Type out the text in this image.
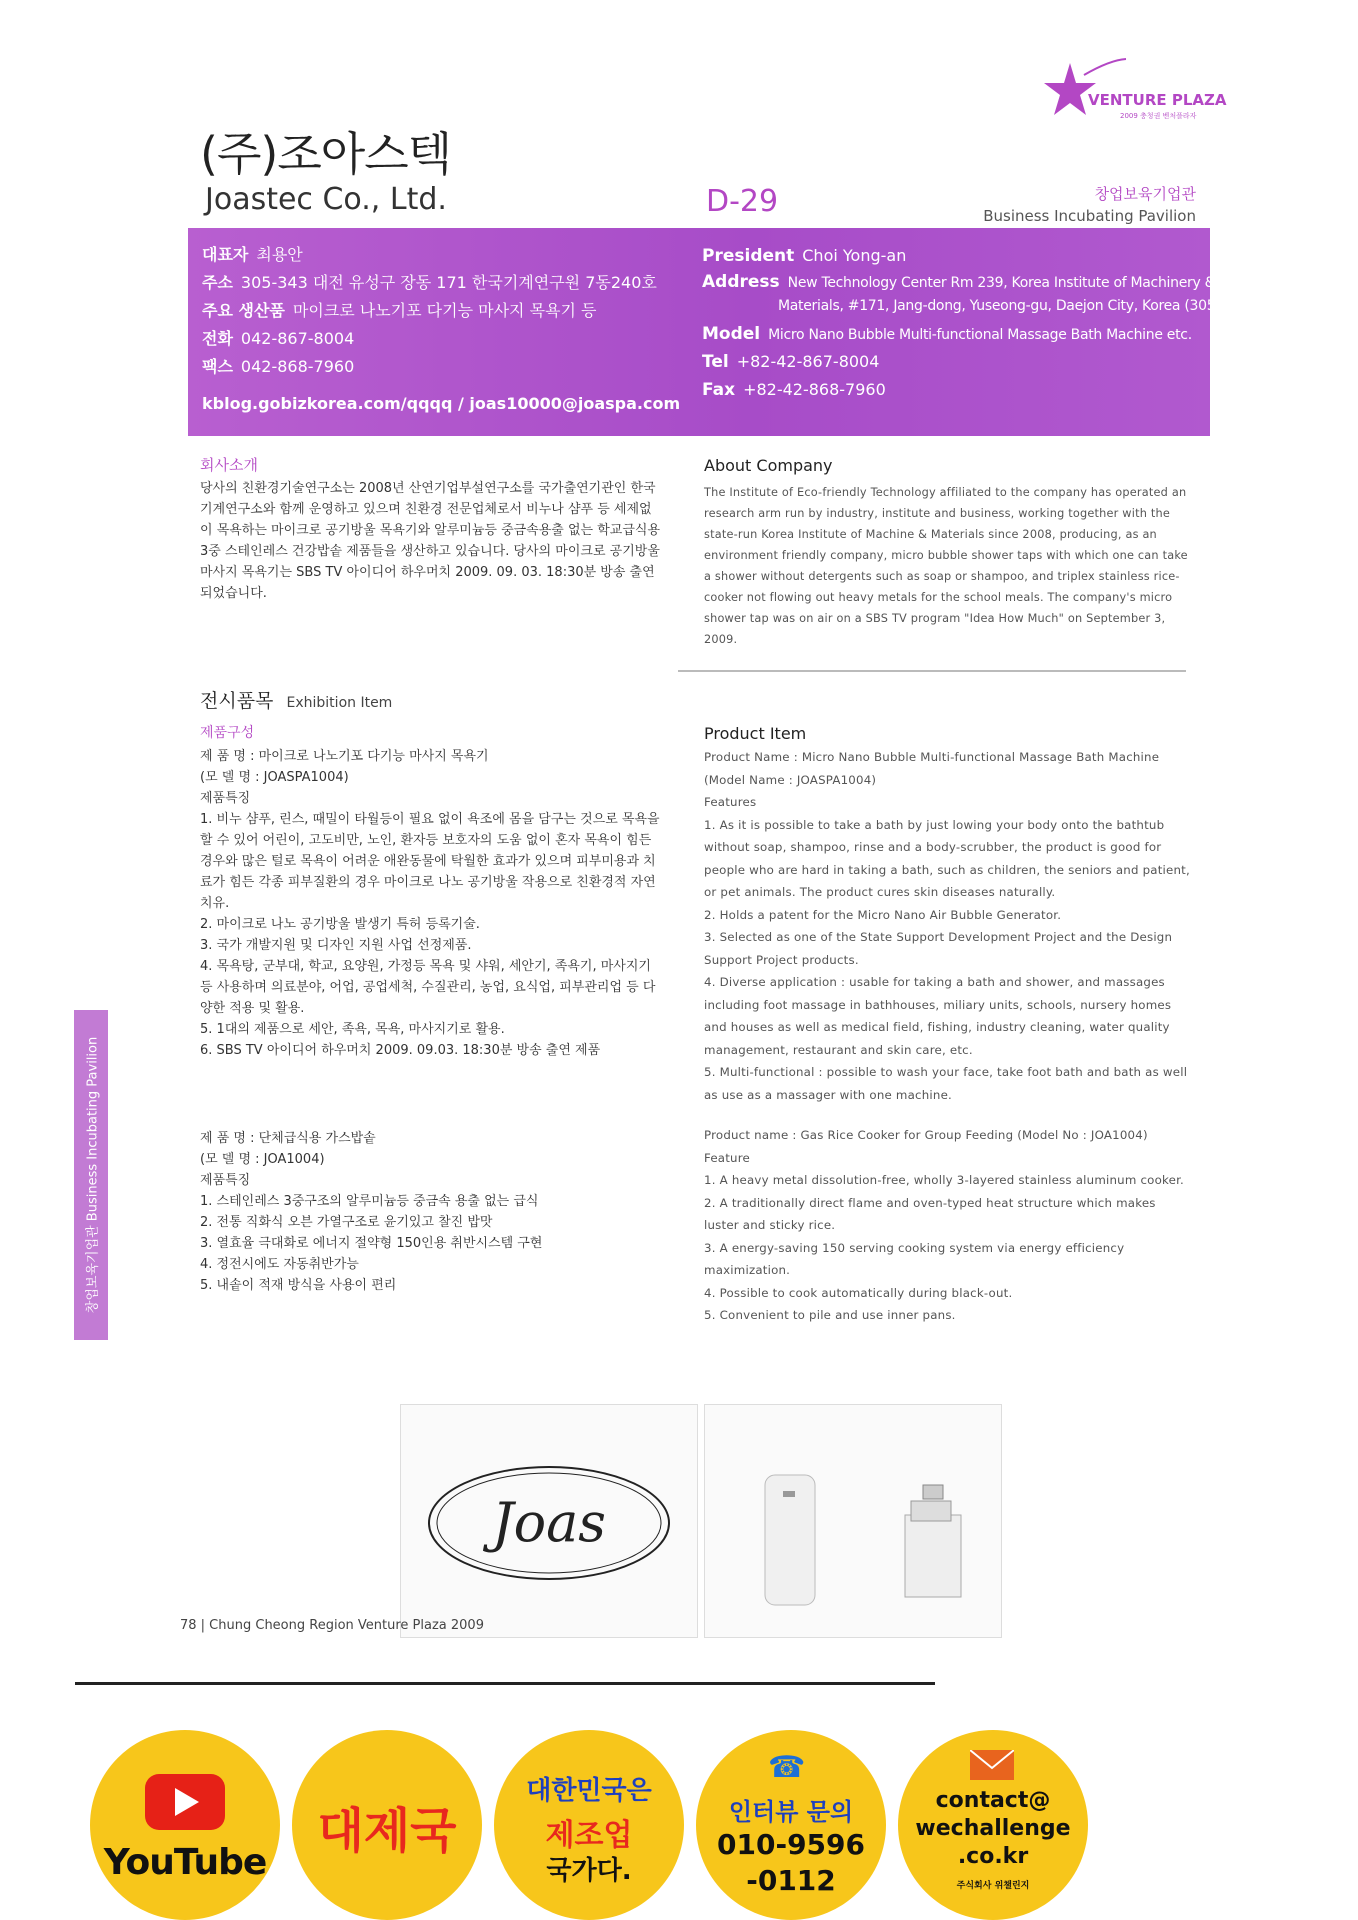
VENTURE PLAZA
2009 충청권 벤처플라자
(주)조아스텍
Joastec Co., Ltd.	D-29	창업보육기업관
Business Incubating Pavilion
대표자 최용안
주소 305-343 대전 유성구 장동 171 한국기계연구원 7동240호
주요 생산품 마이크로 나노기포 다기능 마사지 목욕기 등
전화 042-867-8004
팩스 042-868-7960
kblog.gobizkorea.com/qqqq / joas10000@joaspa.com
President Choi Yong-an
Address New Technology Center Rm 239, Korea Institute of Machinery &
Materials, #171, Jang-dong, Yuseong-gu, Daejon City, Korea (305-343)
Model Micro Nano Bubble Multi-functional Massage Bath Machine etc.
Tel +82-42-867-8004
Fax +82-42-868-7960
회사소개

당사의 친환경기술연구소는 2008년 산연기업부설연구소를 국가출연기관인 한국기계연구소와 함께 운영하고 있으며 친환경 전문업체로서 비누나 샴푸 등 세제없이 목욕하는 마이크로 공기방울 목욕기와 알루미늄등 중금속용출 없는 학교급식용 3중 스테인레스 건강밥솥 제품들을 생산하고 있습니다. 당사의 마이크로 공기방울 마사지 목욕기는 SBS TV 아이디어 하우머치 2009. 09. 03. 18:30분 방송 출연 되었습니다.

About Company

The Institute of Eco-friendly Technology affiliated to the company has operated an research arm run by industry, institute and business, working together with the state-run Korea Institute of Machine & Materials since 2008, producing, as an environment friendly company, micro bubble shower taps with which one can take a shower without detergents such as soap or shampoo, and triplex stainless rice-cooker not flowing out heavy metals for the school meals. The company's micro shower tap was on air on a SBS TV program "Idea How Much" on September 3, 2009.

전시품목 Exhibition Item
제품구성	Product Item
제 품 명 : 마이크로 나노기포 다기능 마사지 목욕기
(모 델 명 : JOASPA1004)
제품특징
1. 비누 샴푸, 린스, 때밀이 타월등이 필요 없이 욕조에 몸을 담구는 것으로 목욕을 할 수 있어 어린이, 고도비만, 노인, 환자등 보호자의 도움 없이 혼자 목욕이 힘든 경우와 많은 털로 목욕이 어려운 애완동물에 탁월한 효과가 있으며 피부미용과 치료가 힘든 각종 피부질환의 경우 마이크로 나노 공기방울 작용으로 친환경적 자연치유.
2. 마이크로 나노 공기방울 발생기 특허 등록기술.
3. 국가 개발지원 및 디자인 지원 사업 선정제품.
4. 목욕탕, 군부대, 학교, 요양원, 가정등 목욕 및 샤워, 세안기, 족욕기, 마사지기 등 사용하며 의료분야, 어업, 공업세척, 수질관리, 농업, 요식업, 피부관리업 등 다양한 적용 및 활용.
5. 1대의 제품으로 세안, 족욕, 목욕, 마사지기로 활용.
6. SBS TV 아이디어 하우머치 2009. 09.03. 18:30분 방송 출연 제품
제 품 명 : 단체급식용 가스밥솥
(모 델 명 : JOA1004)
제품특징
1. 스테인레스 3중구조의 알루미늄등 중금속 용출 없는 급식
2. 전통 직화식 오븐 가열구조로 윤기있고 찰진 밥맛
3. 열효율 극대화로 에너지 절약형 150인용 취반시스템 구현
4. 정전시에도 자동취반가능
5. 내솥이 적재 방식을 사용이 편리
Product Name : Micro Nano Bubble Multi-functional Massage Bath Machine
(Model Name : JOASPA1004)
Features
1. As it is possible to take a bath by just lowing your body onto the bathtub without soap, shampoo, rinse and a body-scrubber, the product is good for people who are hard in taking a bath, such as children, the seniors and patient, or pet animals. The product cures skin diseases naturally.
2. Holds a patent for the Micro Nano Air Bubble Generator.
3. Selected as one of the State Support Development Project and the Design Support Project products.
4. Diverse application : usable for taking a bath and shower, and massages including foot massage in bathhouses, miliary units, schools, nursery homes and houses as well as medical field, fishing, industry cleaning, water quality management, restaurant and skin care, etc.
5. Multi-functional : possible to wash your face, take foot bath and bath as well as use as a massager with one machine.
Product name : Gas Rice Cooker for Group Feeding (Model No : JOA1004)
Feature
1. A heavy metal dissolution-free, wholly 3-layered stainless aluminum cooker.
2. A traditionally direct flame and oven-typed heat structure which makes luster and sticky rice.
3. A energy-saving 150 serving cooking system via energy efficiency maximization.
4. Possible to cook automatically during black-out.
5. Convenient to pile and use inner pans.
창업보육기업관 Business Incubating Pavilion
Joas
78 | Chung Cheong Region Venture Plaza 2009
YouTube
대제국
대한민국은
제조업
국가다.
☎
인터뷰 문의
010-9596
-0112
contact@
wechallenge
.co.kr
주식회사 위챌린지
